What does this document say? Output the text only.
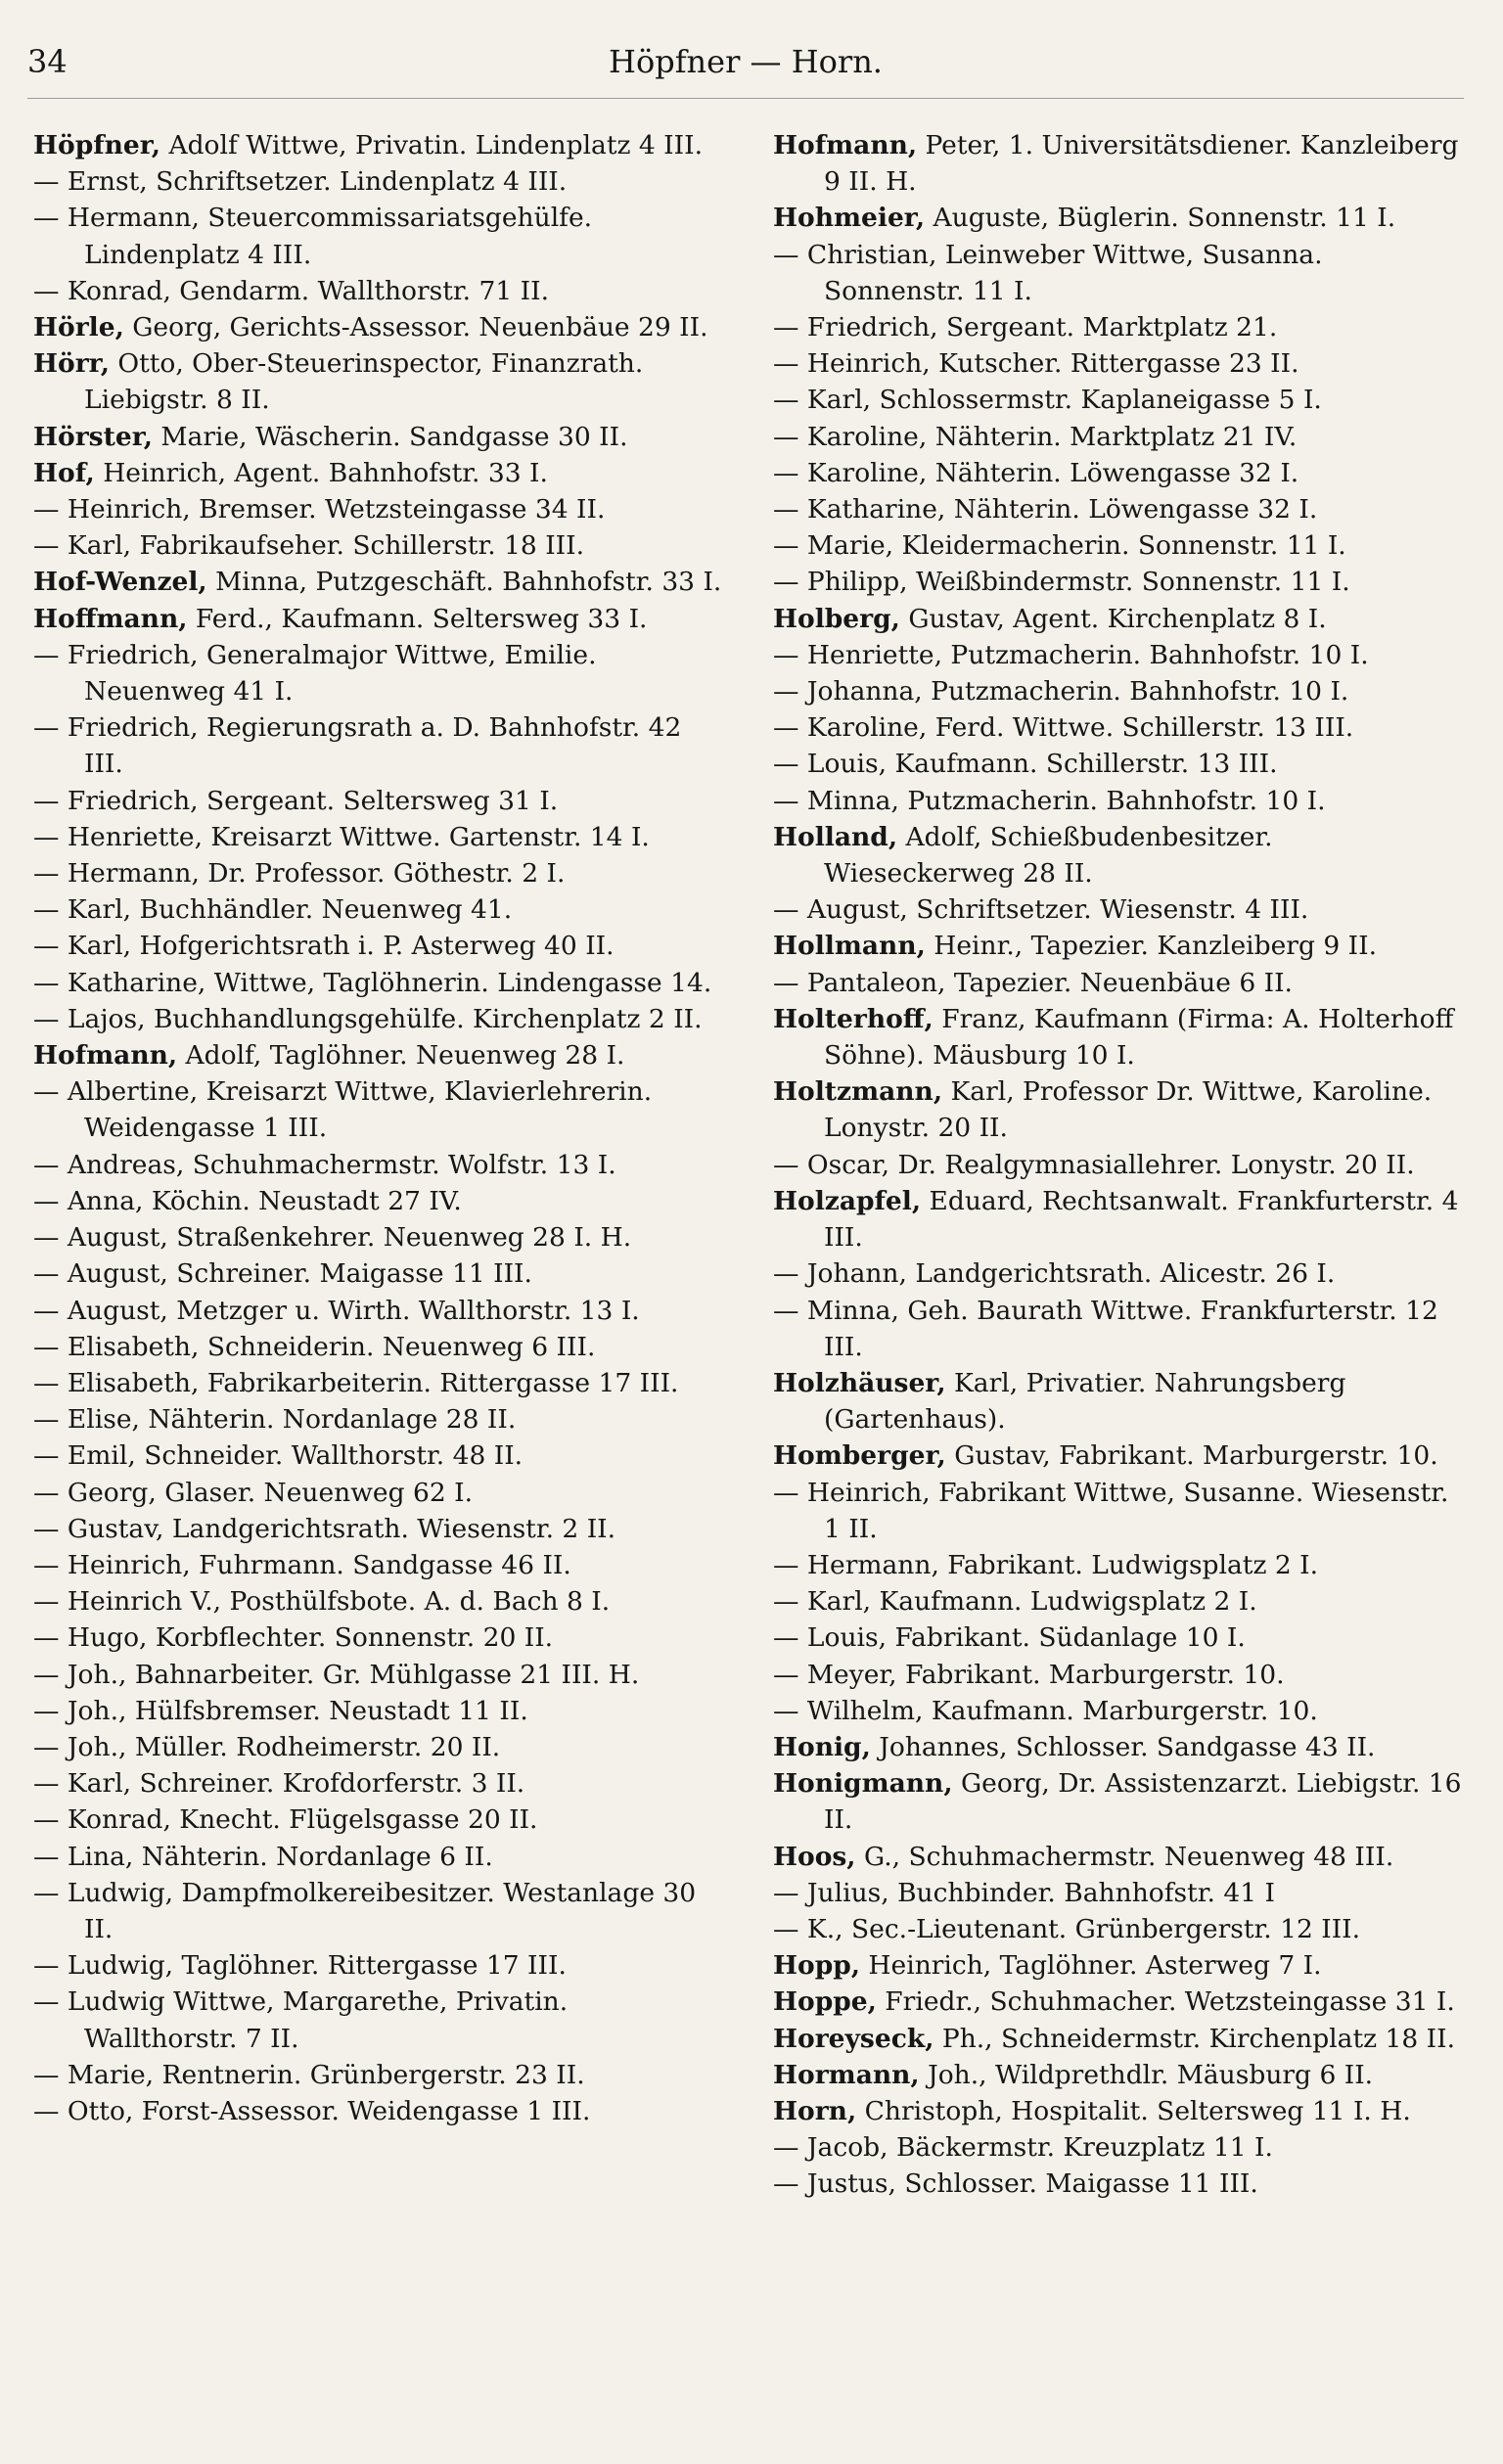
34	Höpfner — Horn.
Höpfner, Adolf Wittwe, Privatin. Lindenplatz 4 III.
— Ernst, Schriftsetzer. Lindenplatz 4 III.
— Hermann, Steuercommissariatsgehülfe. Lindenplatz 4 III.
— Konrad, Gendarm. Wallthorstr. 71 II.
Hörle, Georg, Gerichts-Assessor. Neuenbäue 29 II.
Hörr, Otto, Ober-Steuerinspector, Finanzrath. Liebigstr. 8 II.
Hörster, Marie, Wäscherin. Sandgasse 30 II.
Hof, Heinrich, Agent. Bahnhofstr. 33 I.
— Heinrich, Bremser. Wetzsteingasse 34 II.
— Karl, Fabrikaufseher. Schillerstr. 18 III.
Hof-Wenzel, Minna, Putzgeschäft. Bahnhofstr. 33 I.
Hoffmann, Ferd., Kaufmann. Seltersweg 33 I.
— Friedrich, Generalmajor Wittwe, Emilie. Neuenweg 41 I.
— Friedrich, Regierungsrath a. D. Bahnhofstr. 42 III.
— Friedrich, Sergeant. Seltersweg 31 I.
— Henriette, Kreisarzt Wittwe. Gartenstr. 14 I.
— Hermann, Dr. Professor. Göthestr. 2 I.
— Karl, Buchhändler. Neuenweg 41.
— Karl, Hofgerichtsrath i. P. Asterweg 40 II.
— Katharine, Wittwe, Taglöhnerin. Lindengasse 14.
— Lajos, Buchhandlungsgehülfe. Kirchenplatz 2 II.
Hofmann, Adolf, Taglöhner. Neuenweg 28 I.
— Albertine, Kreisarzt Wittwe, Klavierlehrerin. Weidengasse 1 III.
— Andreas, Schuhmachermstr. Wolfstr. 13 I.
— Anna, Köchin. Neustadt 27 IV.
— August, Straßenkehrer. Neuenweg 28 I. H.
— August, Schreiner. Maigasse 11 III.
— August, Metzger u. Wirth. Wallthorstr. 13 I.
— Elisabeth, Schneiderin. Neuenweg 6 III.
— Elisabeth, Fabrikarbeiterin. Rittergasse 17 III.
— Elise, Nähterin. Nordanlage 28 II.
— Emil, Schneider. Wallthorstr. 48 II.
— Georg, Glaser. Neuenweg 62 I.
— Gustav, Landgerichtsrath. Wiesenstr. 2 II.
— Heinrich, Fuhrmann. Sandgasse 46 II.
— Heinrich V., Posthülfsbote. A. d. Bach 8 I.
— Hugo, Korbflechter. Sonnenstr. 20 II.
— Joh., Bahnarbeiter. Gr. Mühlgasse 21 III. H.
— Joh., Hülfsbremser. Neustadt 11 II.
— Joh., Müller. Rodheimerstr. 20 II.
— Karl, Schreiner. Krofdorferstr. 3 II.
— Konrad, Knecht. Flügelsgasse 20 II.
— Lina, Nähterin. Nordanlage 6 II.
— Ludwig, Dampfmolkereibesitzer. Westanlage 30 II.
— Ludwig, Taglöhner. Rittergasse 17 III.
— Ludwig Wittwe, Margarethe, Privatin. Wallthorstr. 7 II.
— Marie, Rentnerin. Grünbergerstr. 23 II.
— Otto, Forst-Assessor. Weidengasse 1 III.
Hofmann, Peter, 1. Universitätsdiener. Kanzleiberg 9 II. H.
Hohmeier, Auguste, Büglerin. Sonnenstr. 11 I.
— Christian, Leinweber Wittwe, Susanna. Sonnenstr. 11 I.
— Friedrich, Sergeant. Marktplatz 21.
— Heinrich, Kutscher. Rittergasse 23 II.
— Karl, Schlossermstr. Kaplaneigasse 5 I.
— Karoline, Nähterin. Marktplatz 21 IV.
— Karoline, Nähterin. Löwengasse 32 I.
— Katharine, Nähterin. Löwengasse 32 I.
— Marie, Kleidermacherin. Sonnenstr. 11 I.
— Philipp, Weißbindermstr. Sonnenstr. 11 I.
Holberg, Gustav, Agent. Kirchenplatz 8 I.
— Henriette, Putzmacherin. Bahnhofstr. 10 I.
— Johanna, Putzmacherin. Bahnhofstr. 10 I.
— Karoline, Ferd. Wittwe. Schillerstr. 13 III.
— Louis, Kaufmann. Schillerstr. 13 III.
— Minna, Putzmacherin. Bahnhofstr. 10 I.
Holland, Adolf, Schießbudenbesitzer. Wieseckerweg 28 II.
— August, Schriftsetzer. Wiesenstr. 4 III.
Hollmann, Heinr., Tapezier. Kanzleiberg 9 II.
— Pantaleon, Tapezier. Neuenbäue 6 II.
Holterhoff, Franz, Kaufmann (Firma: A. Holterhoff Söhne). Mäusburg 10 I.
Holtzmann, Karl, Professor Dr. Wittwe, Karoline. Lonystr. 20 II.
— Oscar, Dr. Realgymnasiallehrer. Lonystr. 20 II.
Holzapfel, Eduard, Rechtsanwalt. Frankfurterstr. 4 III.
— Johann, Landgerichtsrath. Alicestr. 26 I.
— Minna, Geh. Baurath Wittwe. Frankfurterstr. 12 III.
Holzhäuser, Karl, Privatier. Nahrungsberg (Gartenhaus).
Homberger, Gustav, Fabrikant. Marburgerstr. 10.
— Heinrich, Fabrikant Wittwe, Susanne. Wiesenstr. 1 II.
— Hermann, Fabrikant. Ludwigsplatz 2 I.
— Karl, Kaufmann. Ludwigsplatz 2 I.
— Louis, Fabrikant. Südanlage 10 I.
— Meyer, Fabrikant. Marburgerstr. 10.
— Wilhelm, Kaufmann. Marburgerstr. 10.
Honig, Johannes, Schlosser. Sandgasse 43 II.
Honigmann, Georg, Dr. Assistenzarzt. Liebigstr. 16 II.
Hoos, G., Schuhmachermstr. Neuenweg 48 III.
— Julius, Buchbinder. Bahnhofstr. 41 I
— K., Sec.-Lieutenant. Grünbergerstr. 12 III.
Hopp, Heinrich, Taglöhner. Asterweg 7 I.
Hoppe, Friedr., Schuhmacher. Wetzsteingasse 31 I.
Horeyseck, Ph., Schneidermstr. Kirchenplatz 18 II.
Hormann, Joh., Wildprethdlr. Mäusburg 6 II.
Horn, Christoph, Hospitalit. Seltersweg 11 I. H.
— Jacob, Bäckermstr. Kreuzplatz 11 I.
— Justus, Schlosser. Maigasse 11 III.
